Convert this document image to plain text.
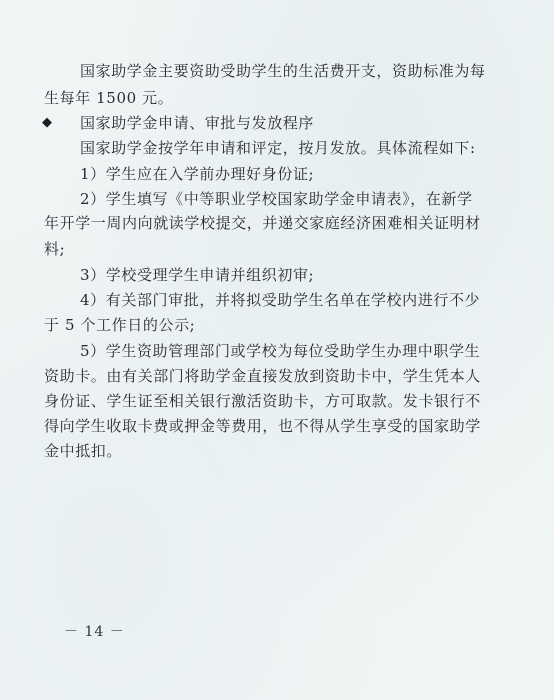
国家助学金主要资助受助学生的生活费开支，资助标准为每
生每年 1500 元。
◆ 国家助学金申请、审批与发放程序
国家助学金按学年申请和评定，按月发放。具体流程如下:
1）学生应在入学前办理好身份证;
2）学生填写《中等职业学校国家助学金申请表》，在新学
年开学一周内向就读学校提交，并递交家庭经济困难相关证明材
料;
3）学校受理学生申请并组织初审;
4）有关部门审批，并将拟受助学生名单在学校内进行不少
于 5 个工作日的公示;
5）学生资助管理部门或学校为每位受助学生办理中职学生
资助卡。由有关部门将助学金直接发放到资助卡中，学生凭本人
身份证、学生证至相关银行激活资助卡，方可取款。发卡银行不
得向学生收取卡费或押金等费用，也不得从学生享受的国家助学
金中抵扣。
－ 14 －
